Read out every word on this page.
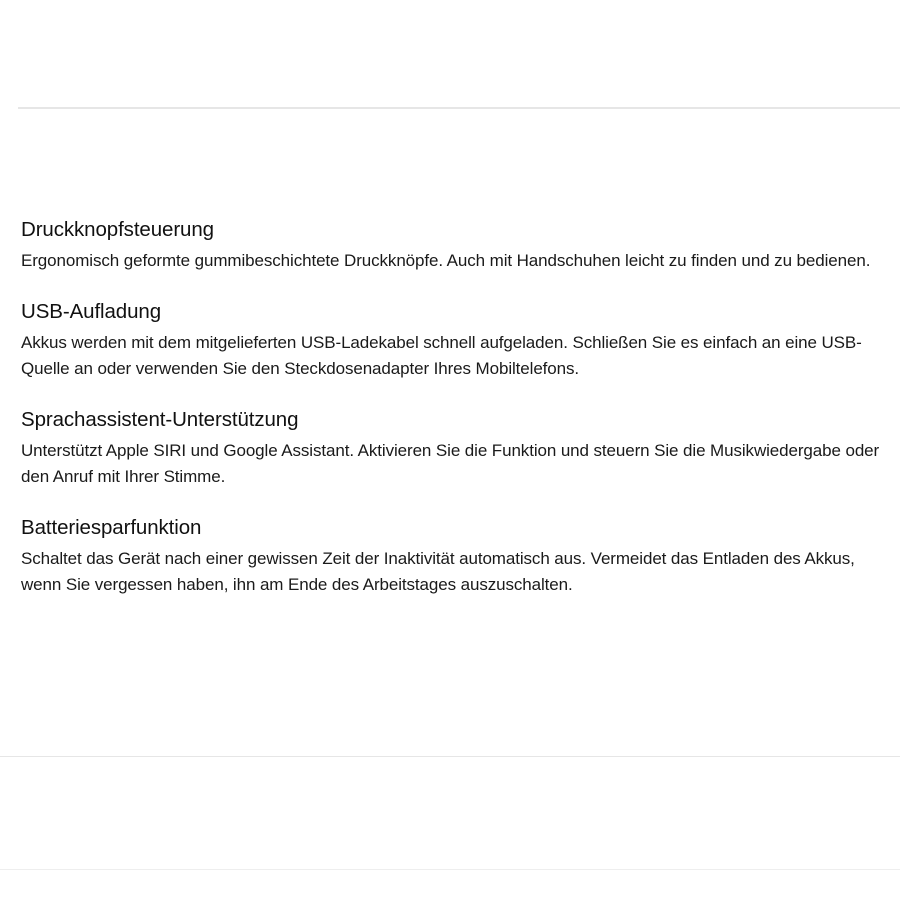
Druckknopfsteuerung

Ergonomisch geformte gummibeschichtete Druckknöpfe. Auch mit Handschuhen leicht zu finden und zu bedienen.

USB-Aufladung

Akkus werden mit dem mitgelieferten USB-Ladekabel schnell aufgeladen. Schließen Sie es einfach an eine USB-Quelle an oder verwenden Sie den Steckdosenadapter Ihres Mobiltelefons.

Sprachassistent-Unterstützung

Unterstützt Apple SIRI und Google Assistant. Aktivieren Sie die Funktion und steuern Sie die Musikwiedergabe oder den Anruf mit Ihrer Stimme.

Batteriesparfunktion

Schaltet das Gerät nach einer gewissen Zeit der Inaktivität automatisch aus. Vermeidet das Entladen des Akkus, wenn Sie vergessen haben, ihn am Ende des Arbeitstages auszuschalten.
